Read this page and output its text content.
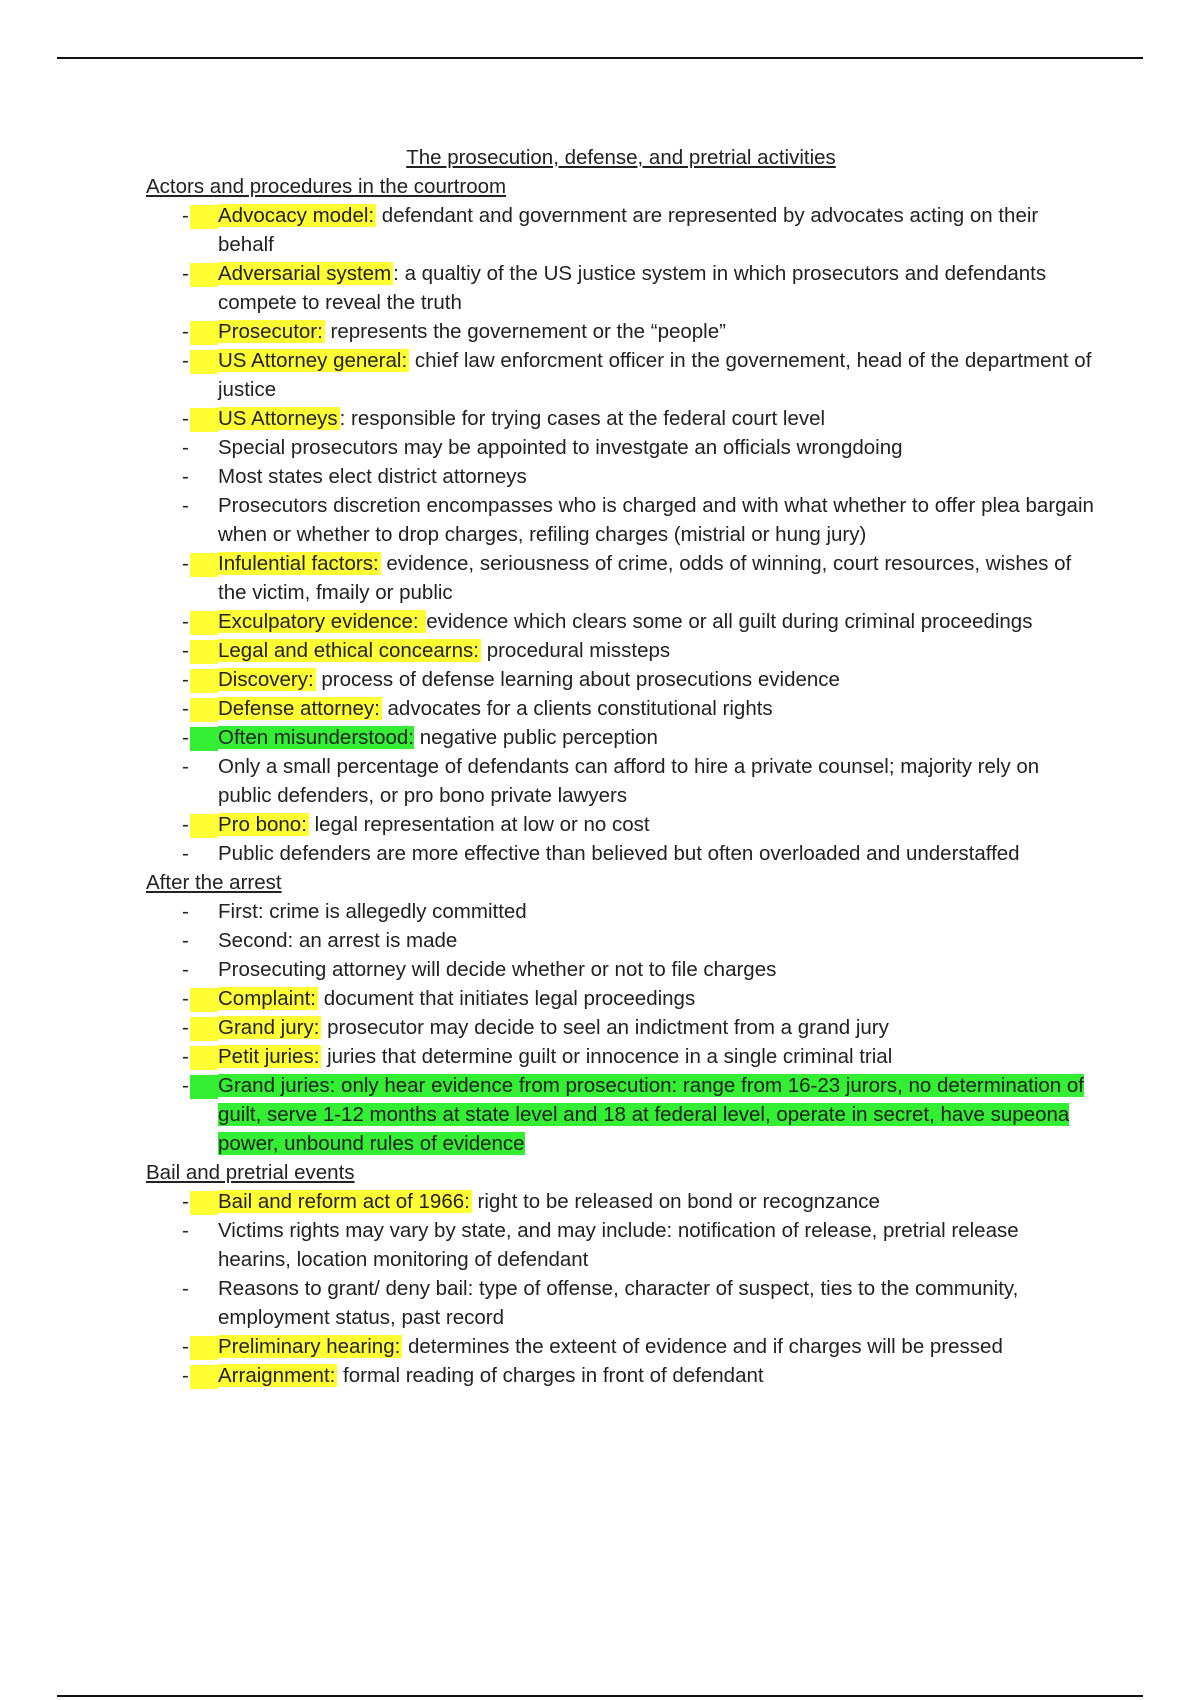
The prosecution, defense, and pretrial activities
Actors and procedures in the courtroom
- Advocacy model: defendant and government are represented by advocates acting on their behalf
- Adversarial system: a qualtiy of the US justice system in which prosecutors and defendants compete to reveal the truth
- Prosecutor: represents the governement or the “people”
- US Attorney general: chief law enforcment officer in the governement, head of the department of justice
- US Attorneys: responsible for trying cases at the federal court level
- Special prosecutors may be appointed to investgate an officials wrongdoing
- Most states elect district attorneys
- Prosecutors discretion encompasses who is charged and with what whether to offer plea bargain when or whether to drop charges, refiling charges (mistrial or hung jury)
- Infulential factors: evidence, seriousness of crime, odds of winning, court resources, wishes of the victim, fmaily or public
- Exculpatory evidence: evidence which clears some or all guilt during criminal proceedings
- Legal and ethical concearns: procedural missteps
- Discovery: process of defense learning about prosecutions evidence
- Defense attorney: advocates for a clients constitutional rights
- Often misunderstood: negative public perception
- Only a small percentage of defendants can afford to hire a private counsel; majority rely on public defenders, or pro bono private lawyers
- Pro bono: legal representation at low or no cost
- Public defenders are more effective than believed but often overloaded and understaffed
After the arrest
- First: crime is allegedly committed
- Second: an arrest is made
- Prosecuting attorney will decide whether or not to file charges
- Complaint: document that initiates legal proceedings
- Grand jury: prosecutor may decide to seel an indictment from a grand jury
- Petit juries: juries that determine guilt or innocence in a single criminal trial
- Grand juries: only hear evidence from prosecution: range from 16-23 jurors, no determination of guilt, serve 1-12 months at state level and 18 at federal level, operate in secret, have supeona power, unbound rules of evidence
Bail and pretrial events
- Bail and reform act of 1966: right to be released on bond or recognzance
- Victims rights may vary by state, and may include: notification of release, pretrial release hearins, location monitoring of defendant
- Reasons to grant/ deny bail: type of offense, character of suspect, ties to the community, employment status, past record
- Preliminary hearing: determines the exteent of evidence and if charges will be pressed
- Arraignment: formal reading of charges in front of defendant
